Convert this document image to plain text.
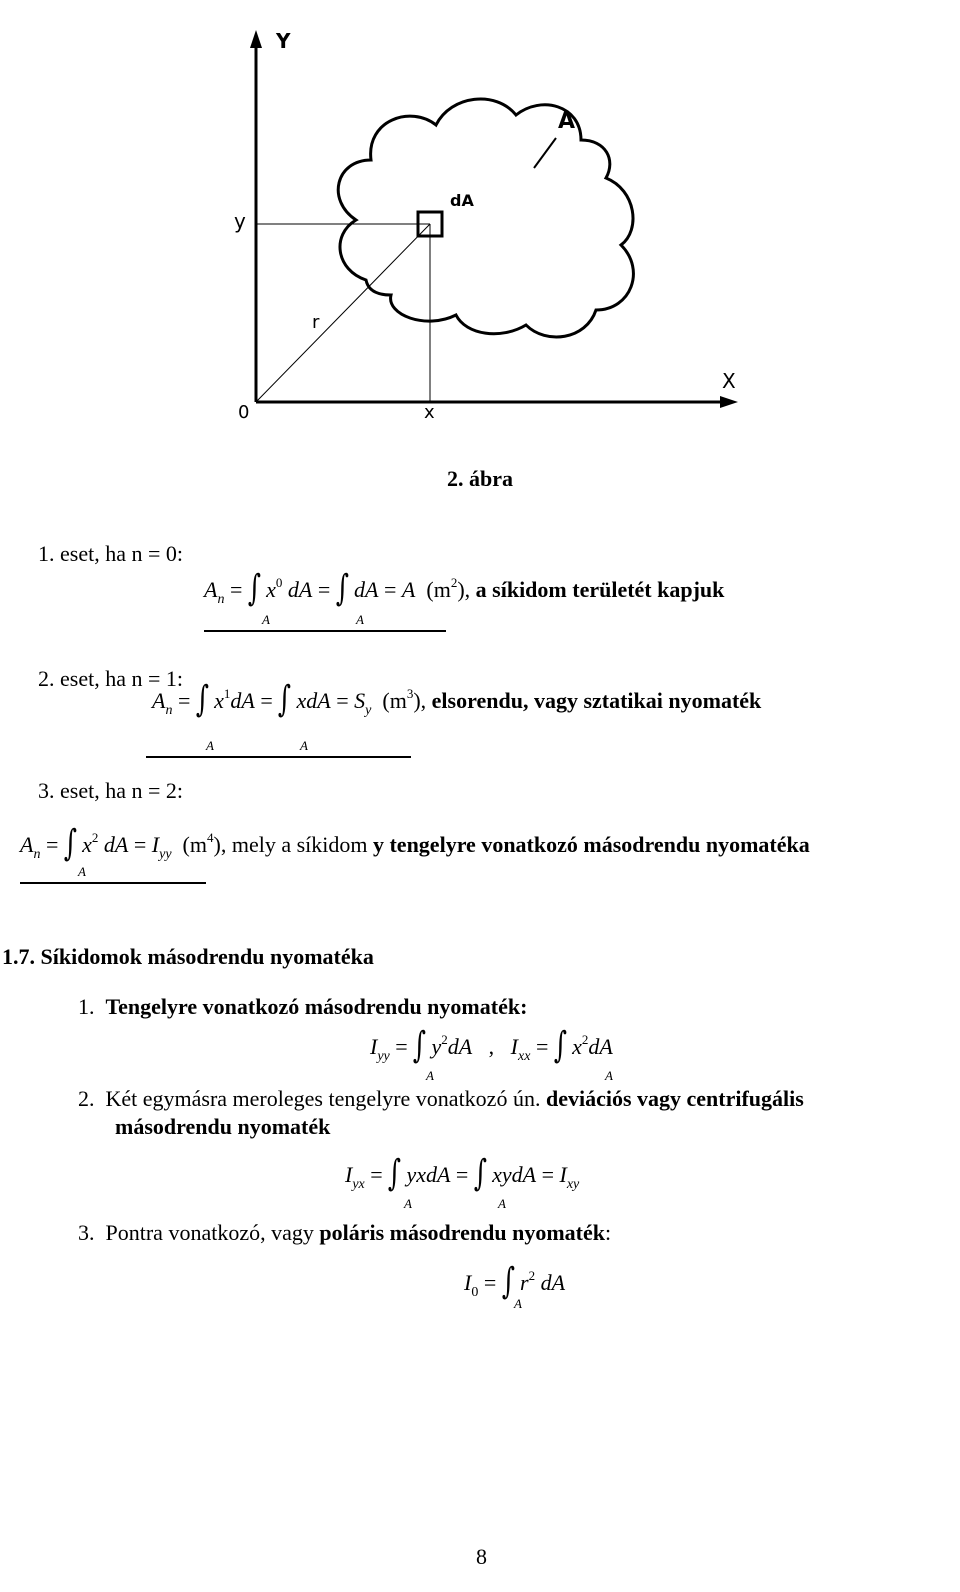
Y
X
0
y
x
r
dA
A
2. ábra
1. eset, ha n = 0:
$A_n$ = ∫ $x^0$ dA = ∫ dA = A $(m^2)$, a síkidom területét kapjuk
A	A
2. eset, ha n = 1:
$A_n$ = ∫ $x^1dA$ = ∫ xdA = $S_y$ $(m^3)$, elsorendu, vagy sztatikai nyomaték
A	A
3. eset, ha n = 2:
$A_n$ = ∫ $x^2$ dA = $I_{yy}$ $(m^4)$, mely a síkidom y tengelyre vonatkozó másodrendu nyomatéka
A
1.7. Síkidomok másodrendu nyomatéka
1. Tengelyre vonatkozó másodrendu nyomaték:
$I_{yy}$ = ∫ $y^2dA$ , $I_{xx}$ = ∫ $x^2dA$
A	A
2. Két egymásra meroleges tengelyre vonatkozó ún. deviációs vagy centrifugális
másodrendu nyomaték
$I_{yx}$ = ∫ yxdA = ∫ xydA = $I_{xy}$
A	A
3. Pontra vonatkozó, vagy poláris másodrendu nyomaték:
$I_0$ = ∫ $r^2$ dA
A
8
